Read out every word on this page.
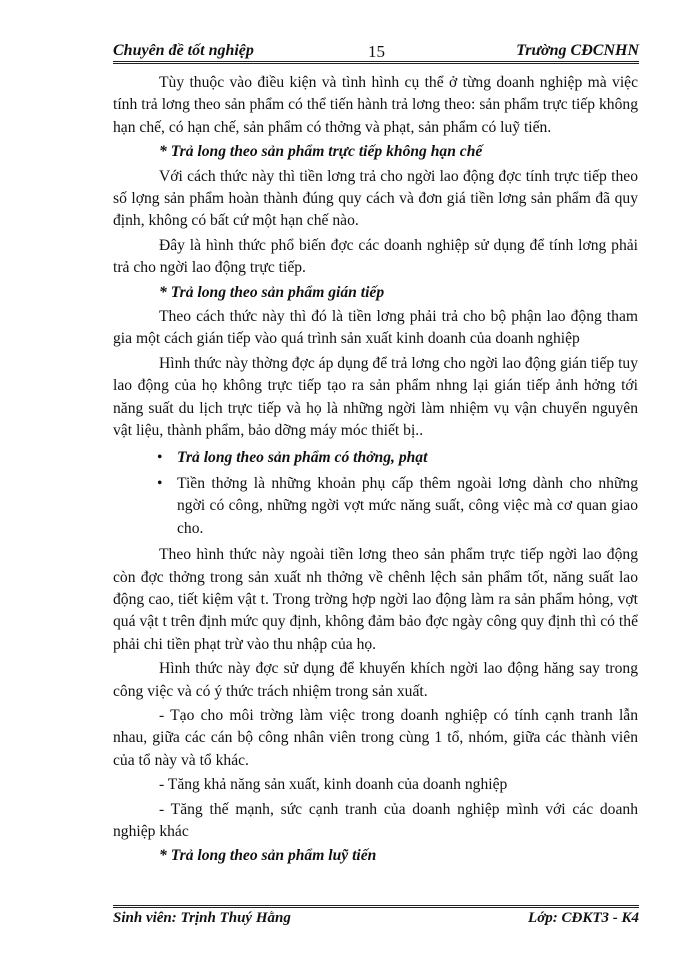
Chuyên đề tốt nghiệp	15	Trường CĐCNHN

Tùy thuộc vào điều kiện và tình hình cụ thể ở từng doanh nghiệp mà việc tính trả lơng theo sản phẩm có thể tiến hành trả lơng theo: sản phẩm trực tiếp không hạn chế, có hạn chế, sản phẩm có thởng và phạt, sản phẩm có luỹ tiến.

* Trả long theo sản phẩm trực tiếp không hạn chế

Với cách thức này thì tiền lơng trả cho ngời lao động đợc tính trực tiếp theo số lợng sản phẩm hoàn thành đúng quy cách và đơn giá tiền lơng sản phẩm đã quy định, không có bất cứ một hạn chế nào.

Đây là hình thức phổ biến đợc các doanh nghiệp sử dụng để tính lơng phải trả cho ngời lao động trực tiếp.

* Trả long theo sản phẩm gián tiếp

Theo cách thức này thì đó là tiền lơng phải trả cho bộ phận lao động tham gia một cách gián tiếp vào quá trình sản xuất kinh doanh của doanh nghiệp

Hình thức này thờng đợc áp dụng để trả lơng cho ngời lao động gián tiếp tuy lao động của họ không trực tiếp tạo ra sản phẩm nhng lại gián tiếp ảnh hởng tới năng suất du lịch trực tiếp và họ là những ngời làm nhiệm vụ vận chuyển nguyên vật liệu, thành phẩm, bảo dỡng máy móc thiết bị..

• Trả long theo sản phẩm có thởng, phạt
• Tiền thởng là những khoản phụ cấp thêm ngoài lơng dành cho những ngời có công, những ngời vợt mức năng suất, công việc mà cơ quan giao cho.

Theo hình thức này ngoài tiền lơng theo sản phẩm trực tiếp ngời lao động còn đợc thởng trong sản xuất nh thởng về chênh lệch sản phẩm tốt, năng suất lao động cao, tiết kiệm vật t. Trong trờng hợp ngời lao động làm ra sản phẩm hỏng, vợt quá vật t trên định mức quy định, không đảm bảo đợc ngày công quy định thì có thể phải chi tiền phạt trừ vào thu nhập của họ.

Hình thức này đợc sử dụng để khuyến khích ngời lao động hăng say trong công việc và có ý thức trách nhiệm trong sản xuất.

- Tạo cho môi trờng làm việc trong doanh nghiệp có tính cạnh tranh lẫn nhau, giữa các cán bộ công nhân viên trong cùng 1 tổ, nhóm, giữa các thành viên của tổ này và tổ khác.

- Tăng khả năng sản xuất, kinh doanh của doanh nghiệp

- Tăng thế mạnh, sức cạnh tranh của doanh nghiệp mình với các doanh nghiệp khác

* Trả long theo sản phẩm luỹ tiến

Sinh viên: Trịnh Thuý Hằng	Lớp: CĐKT3 - K4
